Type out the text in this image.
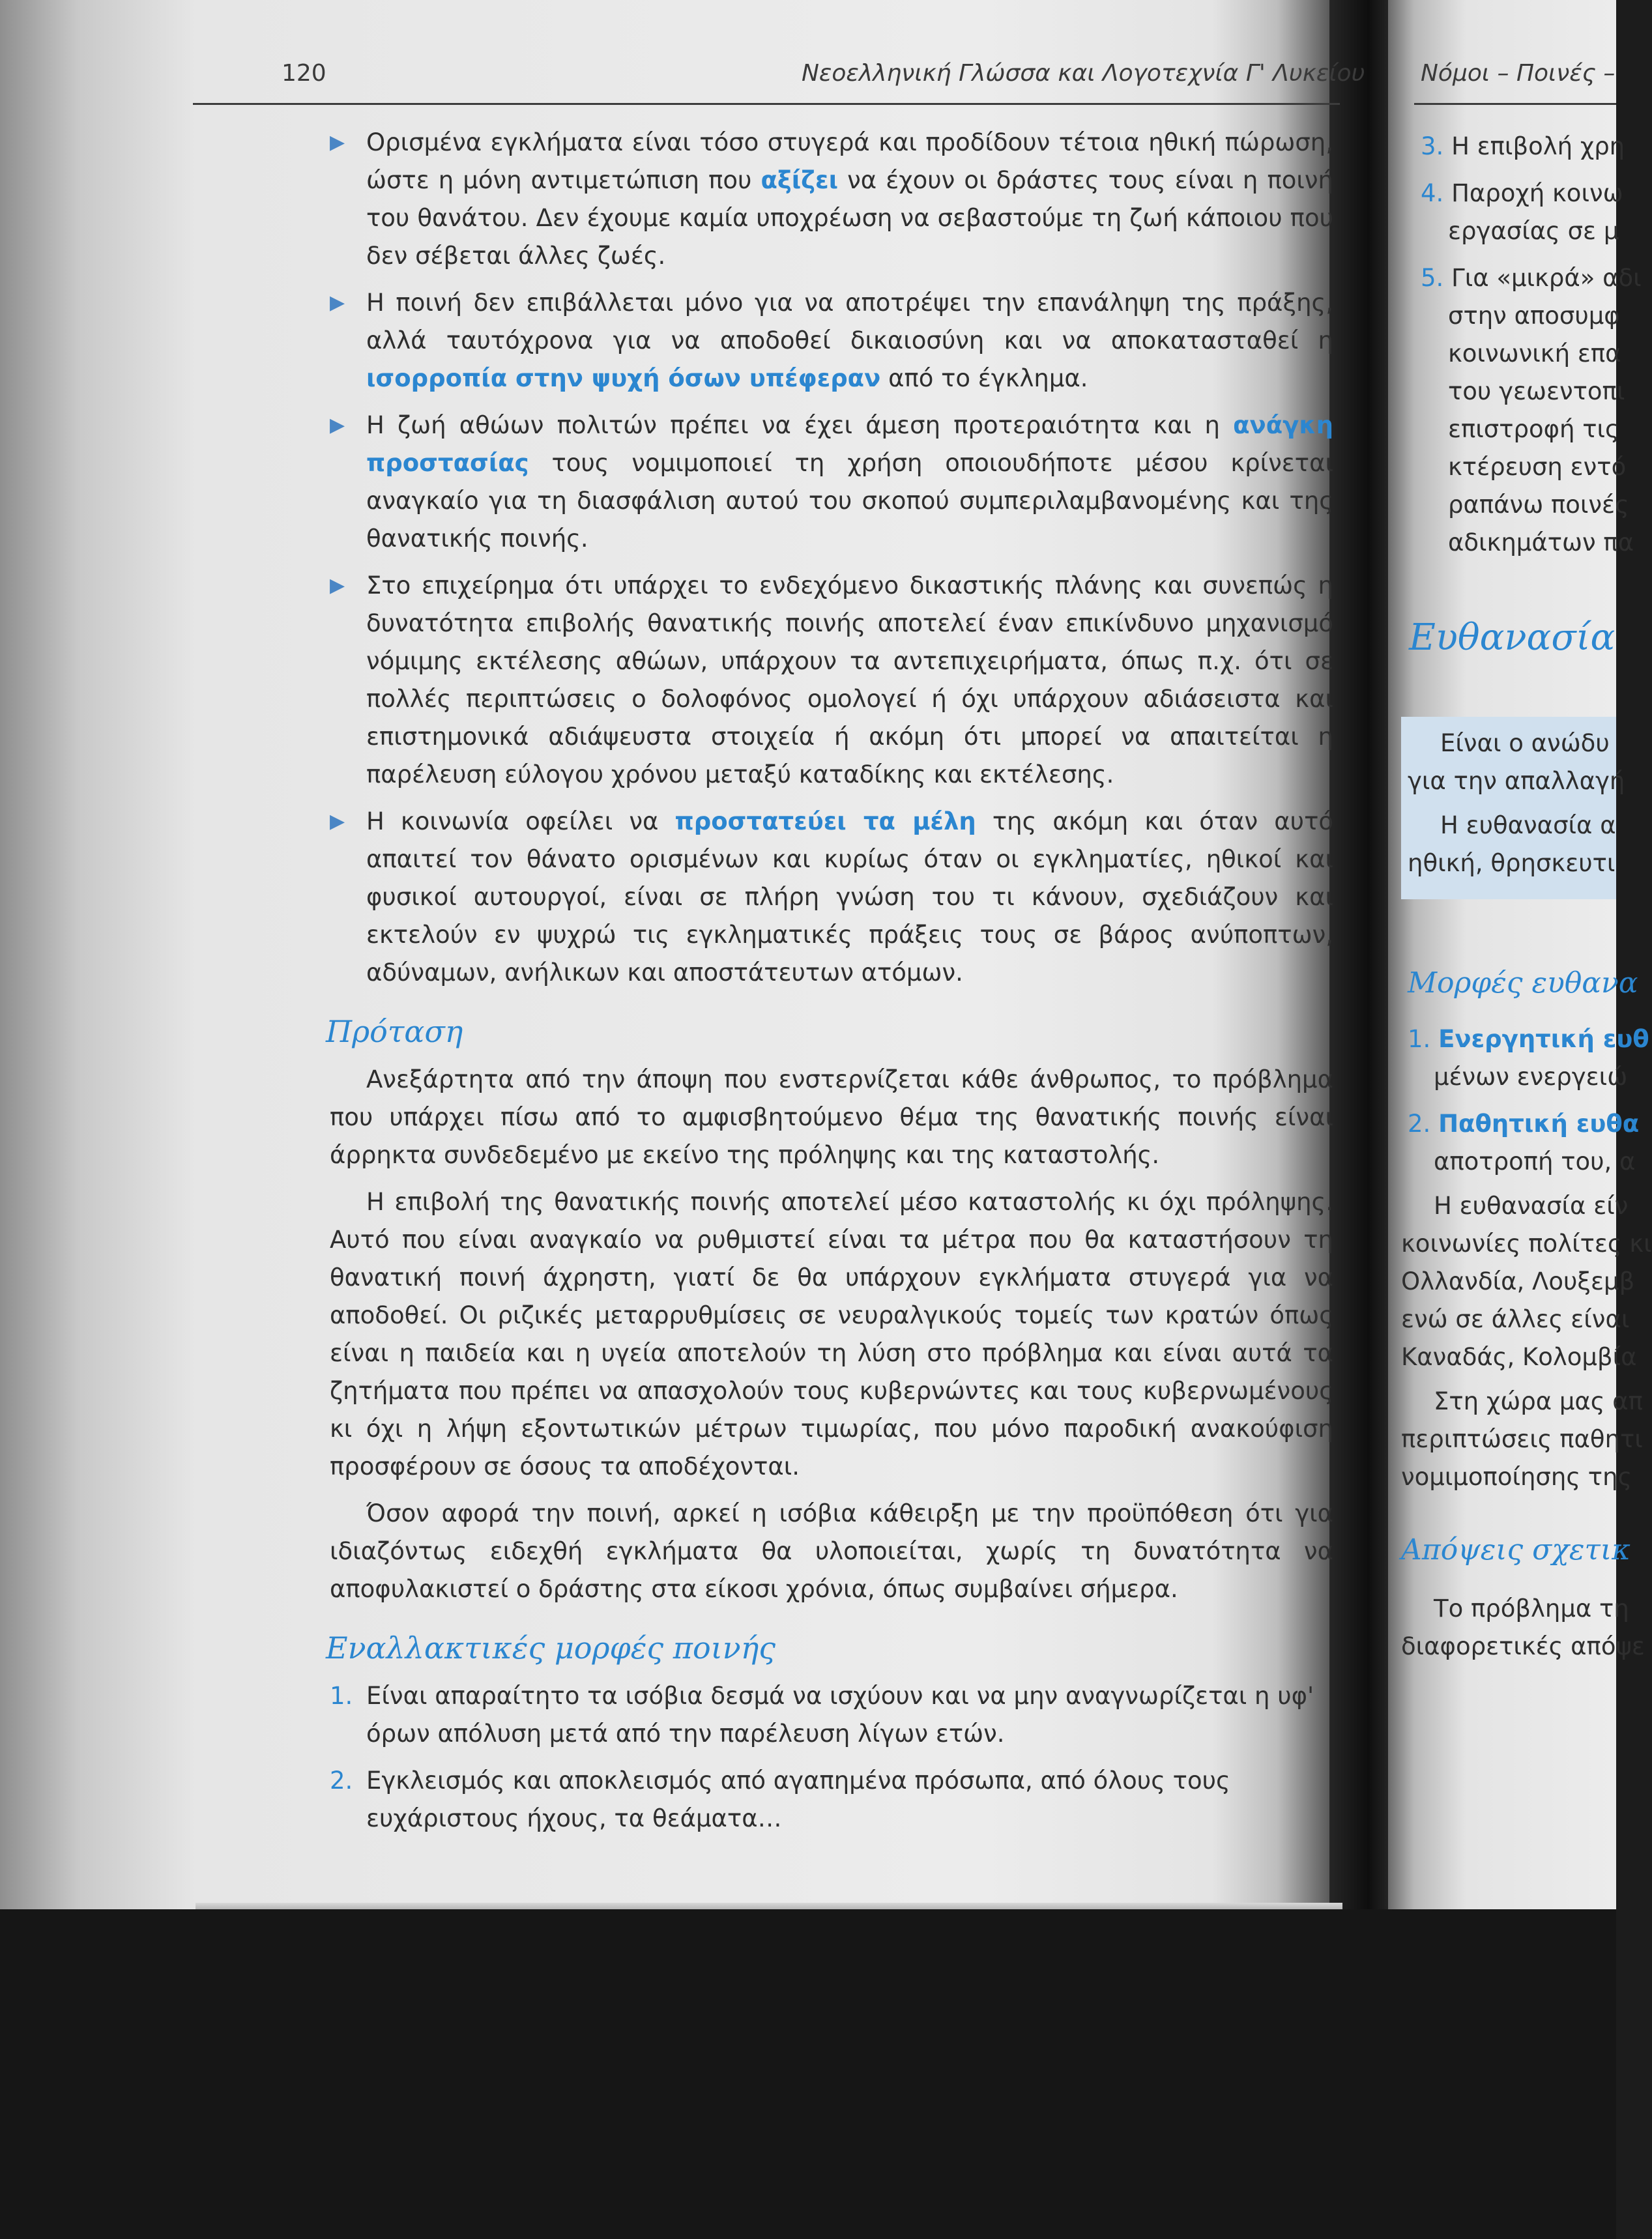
120	Νεοελληνική Γλώσσα και Λογοτεχνία Γ' Λυκείου Νόμοι – Ποινές –
▶ Ορισμένα εγκλήματα είναι τόσο στυγερά και προδίδουν τέτοια ηθική πώρωση, ώστε η μόνη αντιμετώπιση που αξίζει να έχουν οι δράστες τους είναι η ποινή του θανάτου. Δεν έχουμε καμία υποχρέωση να σεβαστούμε τη ζωή κάποιου που δεν σέβεται άλλες ζωές.
▶ Η ποινή δεν επιβάλλεται μόνο για να αποτρέψει την επανάληψη της πράξης, αλλά ταυτόχρονα για να αποδοθεί δικαιοσύνη και να αποκατασταθεί η ισορροπία στην ψυχή όσων υπέφεραν από το έγκλημα.
▶ Η ζωή αθώων πολιτών πρέπει να έχει άμεση προτεραιότητα και η ανάγκη προστασίας τους νομιμοποιεί τη χρήση οποιουδήποτε μέσου κρίνεται αναγκαίο για τη διασφάλιση αυτού του σκοπού συμπεριλαμβανομένης και της θανατικής ποινής.
▶ Στο επιχείρημα ότι υπάρχει το ενδεχόμενο δικαστικής πλάνης και συνεπώς η δυνατότητα επιβολής θανατικής ποινής αποτελεί έναν επικίνδυνο μηχανισμό νόμιμης εκτέλεσης αθώων, υπάρχουν τα αντεπιχειρήματα, όπως π.χ. ότι σε πολλές περιπτώσεις ο δολοφόνος ομολογεί ή όχι υπάρχουν αδιάσειστα και επιστημονικά αδιάψευστα στοιχεία ή ακόμη ότι μπορεί να απαιτείται η παρέλευση εύλογου χρόνου μεταξύ καταδίκης και εκτέλεσης.
▶ Η κοινωνία οφείλει να προστατεύει τα μέλη της ακόμη και όταν αυτό απαιτεί τον θάνατο ορισμένων και κυρίως όταν οι εγκληματίες, ηθικοί και φυσικοί αυτουργοί, είναι σε πλήρη γνώση του τι κάνουν, σχεδιάζουν και εκτελούν εν ψυχρώ τις εγκληματικές πράξεις τους σε βάρος ανύποπτων, αδύναμων, ανήλικων και αποστάτευτων ατόμων.
Πρόταση

Ανεξάρτητα από την άποψη που ενστερνίζεται κάθε άνθρωπος, το πρόβλημα που υπάρχει πίσω από το αμφισβητούμενο θέμα της θανατικής ποινής είναι άρρηκτα συνδεδεμένο με εκείνο της πρόληψης και της καταστολής.

Η επιβολή της θανατικής ποινής αποτελεί μέσο καταστολής κι όχι πρόληψης. Αυτό που είναι αναγκαίο να ρυθμιστεί είναι τα μέτρα που θα καταστήσουν τη θανατική ποινή άχρηστη, γιατί δε θα υπάρχουν εγκλήματα στυγερά για να αποδοθεί. Οι ριζικές μεταρρυθμίσεις σε νευραλγικούς τομείς των κρατών όπως είναι η παιδεία και η υγεία αποτελούν τη λύση στο πρόβλημα και είναι αυτά τα ζητήματα που πρέπει να απασχολούν τους κυβερνώντες και τους κυβερνωμένους κι όχι η λήψη εξοντωτικών μέτρων τιμωρίας, που μόνο παροδική ανακούφιση προσφέρουν σε όσους τα αποδέχονται.

Όσον αφορά την ποινή, αρκεί η ισόβια κάθειρξη με την προϋπόθεση ότι για ιδιαζόντως ειδεχθή εγκλήματα θα υλοποιείται, χωρίς τη δυνατότητα να αποφυλακιστεί ο δράστης στα είκοσι χρόνια, όπως συμβαίνει σήμερα.

Εναλλακτικές μορφές ποινής
1. Είναι απαραίτητο τα ισόβια δεσμά να ισχύουν και να μην αναγνωρίζεται η υφ' όρων απόλυση μετά από την παρέλευση λίγων ετών.
2. Εγκλεισμός και αποκλεισμός από αγαπημένα πρόσωπα, από όλους τους ευχάριστους ήχους, τα θεάματα…
3. Η επιβολή χρη
4. Παροχή κοινω
εργασίας σε μ
5. Για «μικρά» αδι
στην αποσυμφ
κοινωνική επα
του γεωεντοπι
επιστροφή τις
κτέρευση εντό
ραπάνω ποινές
αδικημάτων πα
Ευθανασία
Είναι ο ανώδυ
για την απαλλαγή
Η ευθανασία α
ηθική, θρησκευτι
Μορφές ευθανα
1. Ενεργητική ευθ
μένων ενεργειώ
2. Παθητική ευθα
αποτροπή του, α
Η ευθανασία είν
κοινωνίες πολίτες κι
Ολλανδία, Λουξεμβ
ενώ σε άλλες είναι
Καναδάς, Κολομβία
Στη χώρα μας απ
περιπτώσεις παθητι
νομιμοποίησης της
Απόψεις σχετικ
Το πρόβλημα τη
διαφορετικές απόψε
